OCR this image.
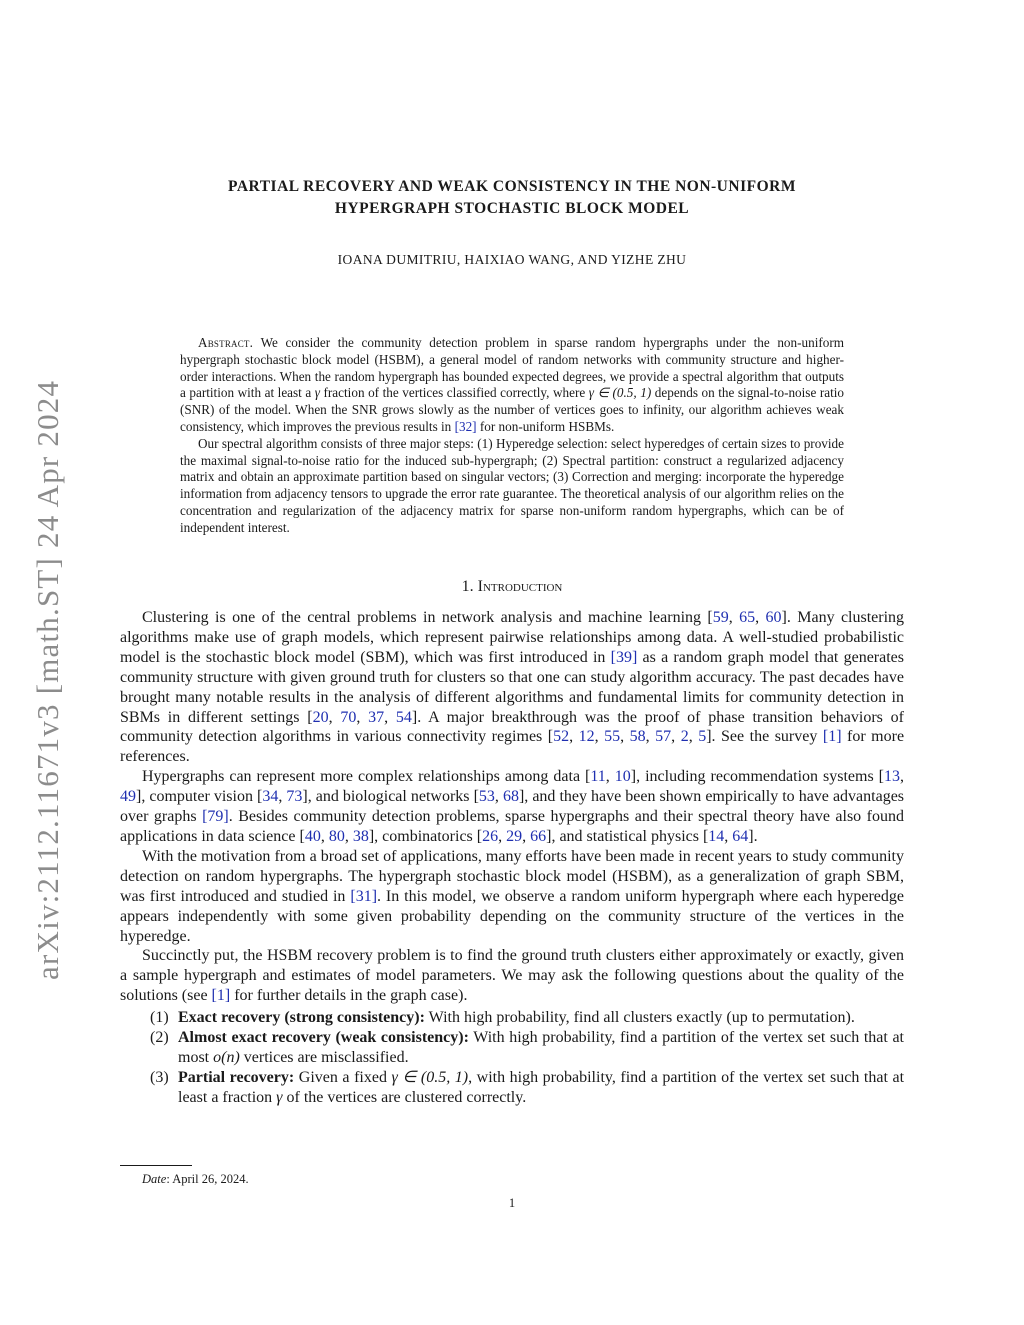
arXiv:2112.11671v3 [math.ST] 24 Apr 2024
PARTIAL RECOVERY AND WEAK CONSISTENCY IN THE NON-UNIFORM
HYPERGRAPH STOCHASTIC BLOCK MODEL
IOANA DUMITRIU, HAIXIAO WANG, AND YIZHE ZHU

Abstract. We consider the community detection problem in sparse random hypergraphs under the non-uniform hypergraph stochastic block model (HSBM), a general model of random networks with community structure and higher-order interactions. When the random hypergraph has bounded expected degrees, we provide a spectral algorithm that outputs a partition with at least a γ fraction of the vertices classified correctly, where γ ∈ (0.5, 1) depends on the signal-to-noise ratio (SNR) of the model. When the SNR grows slowly as the number of vertices goes to infinity, our algorithm achieves weak consistency, which improves the previous results in [32] for non-uniform HSBMs.

Our spectral algorithm consists of three major steps: (1) Hyperedge selection: select hyperedges of certain sizes to provide the maximal signal-to-noise ratio for the induced sub-hypergraph; (2) Spectral partition: construct a regularized adjacency matrix and obtain an approximate partition based on singular vectors; (3) Correction and merging: incorporate the hyperedge information from adjacency tensors to upgrade the error rate guarantee. The theoretical analysis of our algorithm relies on the concentration and regularization of the adjacency matrix for sparse non-uniform random hypergraphs, which can be of independent interest.

1. Introduction

Clustering is one of the central problems in network analysis and machine learning [59, 65, 60]. Many clustering algorithms make use of graph models, which represent pairwise relationships among data. A well-studied probabilistic model is the stochastic block model (SBM), which was first introduced in [39] as a random graph model that generates community structure with given ground truth for clusters so that one can study algorithm accuracy. The past decades have brought many notable results in the analysis of different algorithms and fundamental limits for community detection in SBMs in different settings [20, 70, 37, 54]. A major breakthrough was the proof of phase transition behaviors of community detection algorithms in various connectivity regimes [52, 12, 55, 58, 57, 2, 5]. See the survey [1] for more references.

Hypergraphs can represent more complex relationships among data [11, 10], including recommendation systems [13, 49], computer vision [34, 73], and biological networks [53, 68], and they have been shown empirically to have advantages over graphs [79]. Besides community detection problems, sparse hypergraphs and their spectral theory have also found applications in data science [40, 80, 38], combinatorics [26, 29, 66], and statistical physics [14, 64].

With the motivation from a broad set of applications, many efforts have been made in recent years to study community detection on random hypergraphs. The hypergraph stochastic block model (HSBM), as a generalization of graph SBM, was first introduced and studied in [31]. In this model, we observe a random uniform hypergraph where each hyperedge appears independently with some given probability depending on the community structure of the vertices in the hyperedge.

Succinctly put, the HSBM recovery problem is to find the ground truth clusters either approximately or exactly, given a sample hypergraph and estimates of model parameters. We may ask the following questions about the quality of the solutions (see [1] for further details in the graph case).

(1) Exact recovery (strong consistency): With high probability, find all clusters exactly (up to permutation).
(2) Almost exact recovery (weak consistency): With high probability, find a partition of the vertex set such that at most o(n) vertices are misclassified.
(3) Partial recovery: Given a fixed γ ∈ (0.5, 1), with high probability, find a partition of the vertex set such that at least a fraction γ of the vertices are clustered correctly.
Date: April 26, 2024.
1
